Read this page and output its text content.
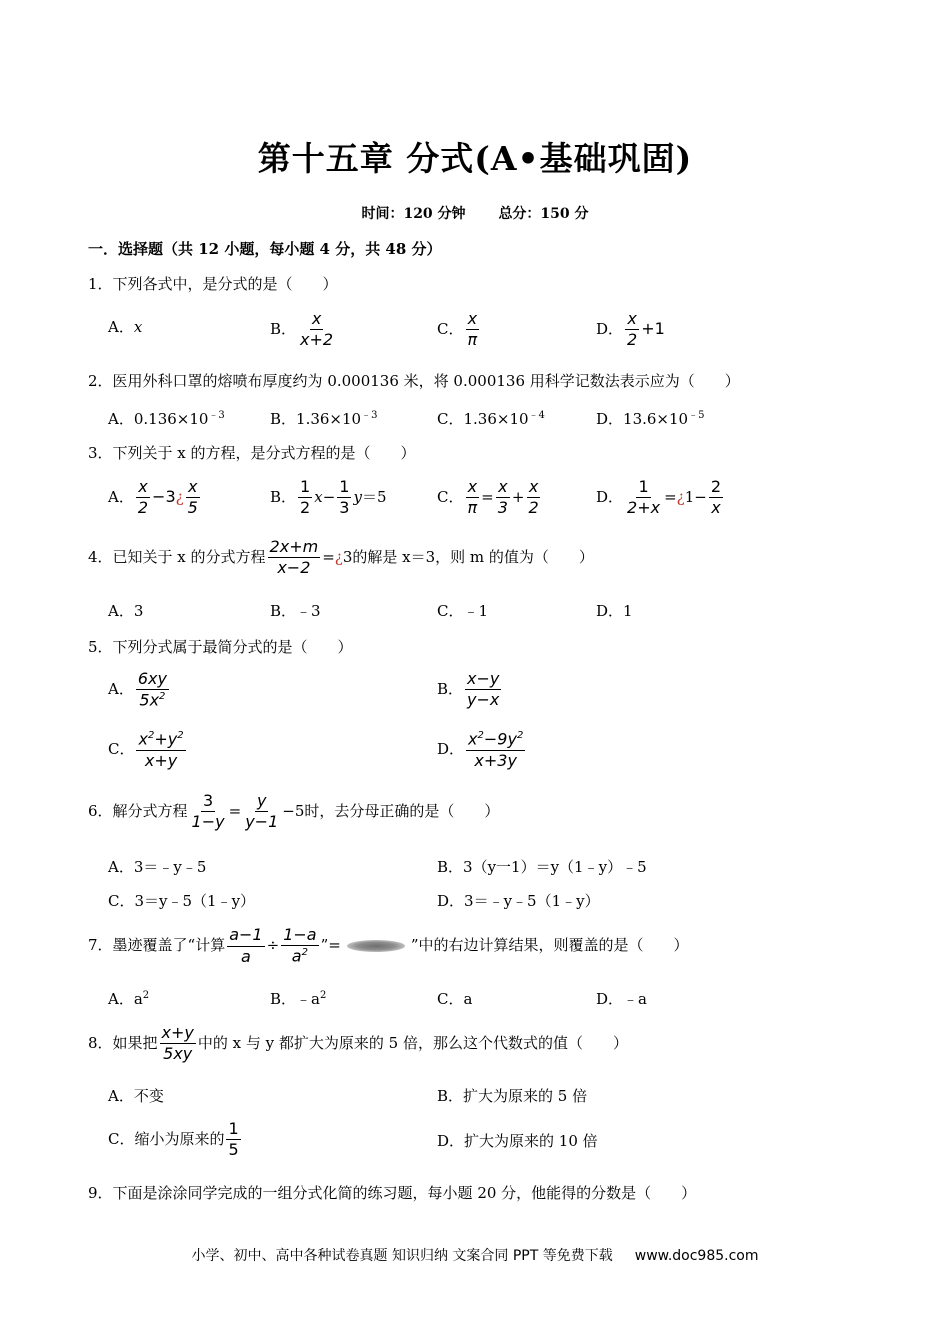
第十五章 分式(A•基础巩固)
时间：120 分钟 总分：150 分
一．选择题（共 12 小题，每小题 4 分，共 48 分）
1．下列各式中，是分式的是（　　）
A．x	B． $\frac{x}{x+2}$	C． $\frac{x}{\pi}$	D． $\frac{x}{2} +1$
2．医用外科口罩的熔喷布厚度约为 0.000136 米，将 0.000136 用科学记数法表示应为（　　）
A．$0.136\times 10^{﹣3}$	B．$1.36\times 10^{﹣3}$	C．$1.36\times 10^{﹣4}$	D．$13.6\times 10^{﹣5}$
3．下列关于 x 的方程，是分式方程的是（　　）
A． $\frac{x}{2}$ −3¿ $\frac{x}{5}$	B． $\frac{1}{2} x- \frac{1}{3} y=5$	C． $\frac{x}{\pi} = \frac{x}{3} + \frac{x}{2}$	D． $\frac{1}{2+x}$ =¿1− $\frac{2}{x}$
4．已知关于 x 的分式方程 $\frac{2x+m}{x-2}$ =¿3的解是 x＝3，则 m 的值为（　　）
A．3	B．﹣3	C．﹣1	D．1
5．下列分式属于最简分式的是（　　）
A． $\frac{6xy}{5x^2}$	B． $\frac{x-y}{y-x}$
C． $\frac{x^2+y^2}{x+y}$	D． $\frac{x^2-9y^2}{x+3y}$
6．解分式方程 $\frac{3}{1-y} = \frac{y}{y-1} -5$时，去分母正确的是（　　）
A．3＝﹣y﹣5	B．3（y一1）＝y（1﹣y）﹣5
C．3＝y﹣5（1﹣y）	D．3＝﹣y﹣5（1﹣y）
7．墨迹覆盖了“计算 $\frac{a-1}{a} \div \frac{1-a}{a^2}$ ”=	”中的右边计算结果，则覆盖的是（　　）
A．$a^2$	B．$﹣a^2$	C．a	D．﹣a
8．如果把 $\frac{x+y}{5xy}$ 中的 x 与 y 都扩大为原来的 5 倍，那么这个代数式的值（　　）
A．不变	B．扩大为原来的 5 倍
C．缩小为原来的 $\frac{1}{5}$	D．扩大为原来的 10 倍
9．下面是涂涂同学完成的一组分式化简的练习题，每小题 20 分，他能得的分数是（　　）
小学、初中、高中各种试卷真题 知识归纳 文案合同 PPT 等免费下载 www.doc985.com
